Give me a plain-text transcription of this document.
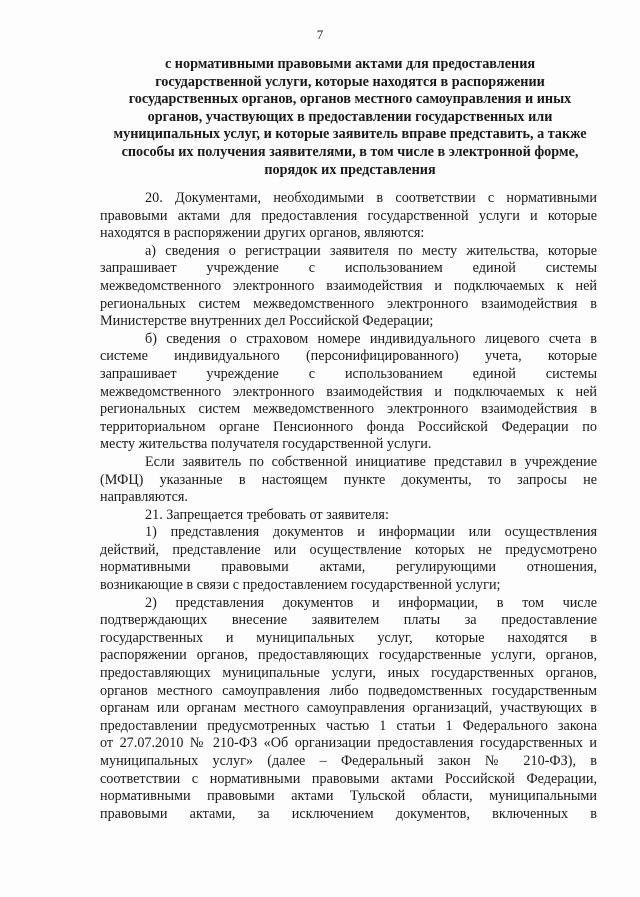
7
с нормативными правовыми актами для предоставления
государственной услуги, которые находятся в распоряжении
государственных органов, органов местного самоуправления и иных
органов, участвующих в предоставлении государственных или
муниципальных услуг, и которые заявитель вправе представить, а также
способы их получения заявителями, в том числе в электронной форме,
порядок их представления
20. Документами, необходимыми в соответствии с нормативными
правовыми актами для предоставления государственной услуги и которые
находятся в распоряжении других органов, являются:
а) сведения о регистрации заявителя по месту жительства, которые
запрашивает учреждение с использованием единой системы
межведомственного электронного взаимодействия и подключаемых к ней
региональных систем межведомственного электронного взаимодействия в
Министерстве внутренних дел Российской Федерации;
б) сведения о страховом номере индивидуального лицевого счета в
системе индивидуального (персонифицированного) учета, которые
запрашивает учреждение с использованием единой системы
межведомственного электронного взаимодействия и подключаемых к ней
региональных систем межведомственного электронного взаимодействия в
территориальном органе Пенсионного фонда Российской Федерации по
месту жительства получателя государственной услуги.
Если заявитель по собственной инициативе представил в учреждение
(МФЦ) указанные в настоящем пункте документы, то запросы не
направляются.
21. Запрещается требовать от заявителя:
1) представления документов и информации или осуществления
действий, представление или осуществление которых не предусмотрено
нормативными правовыми актами, регулирующими отношения,
возникающие в связи с предоставлением государственной услуги;
2) представления документов и информации, в том числе
подтверждающих внесение заявителем платы за предоставление
государственных и муниципальных услуг, которые находятся в
распоряжении органов, предоставляющих государственные услуги, органов,
предоставляющих муниципальные услуги, иных государственных органов,
органов местного самоуправления либо подведомственных государственным
органам или органам местного самоуправления организаций, участвующих в
предоставлении предусмотренных частью 1 статьи 1 Федерального закона
от 27.07.2010 № 210-ФЗ «Об организации предоставления государственных и
муниципальных услуг» (далее – Федеральный закон № 210-ФЗ), в
соответствии с нормативными правовыми актами Российской Федерации,
нормативными правовыми актами Тульской области, муниципальными
правовыми актами, за исключением документов, включенных в
